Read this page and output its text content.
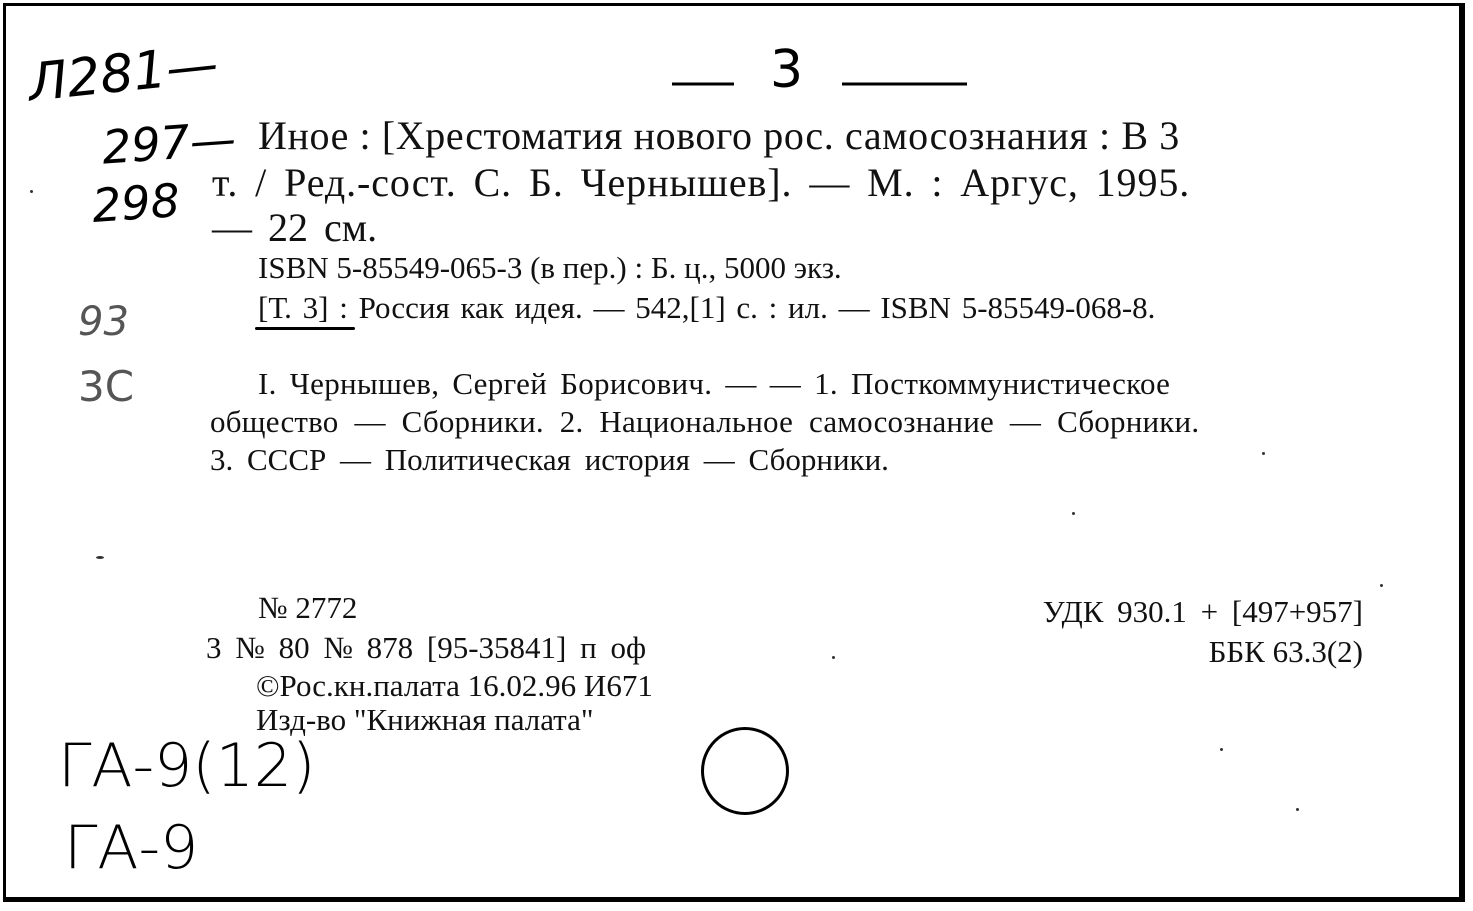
Л281—
297—
298
93
3С
ГА-9(12)
ГА-9
3
Иное : [Хрестоматия нового рос. самосознания : В 3
т. / Ред.-сост. С. Б. Чернышев]. — М. : Аргус, 1995.
— 22 см.
ISBN 5-85549-065-3 (в пер.) : Б. ц., 5000 экз.
[Т. 3] : Россия как идея. — 542,[1] с. : ил. — ISBN 5-85549-068-8.
I. Чернышев, Сергей Борисович. — — 1. Посткоммунистическое
общество — Сборники. 2. Национальное самосознание — Сборники.
3. СССР — Политическая история — Сборники.
№ 2772
3 № 80 № 878 [95-35841] п оф
©Рос.кн.палата 16.02.96 И671
Изд-во "Книжная палата"
УДК 930.1 + [497+957]
ББК 63.3(2)
